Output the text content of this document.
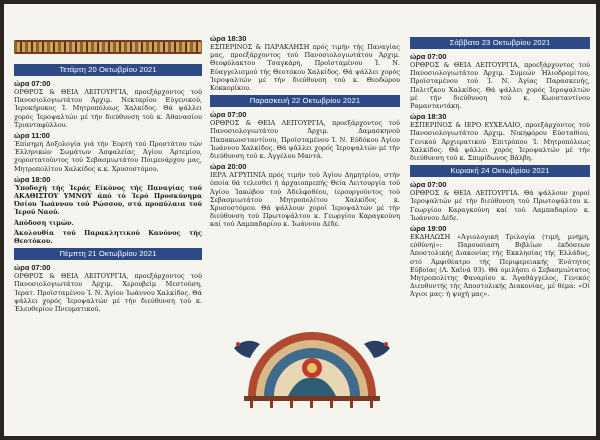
Τετάρτη 20 Οκτωβρίου 2021
ώρα 07:00
ΟΡΘΡΟΣ & ΘΕΙΑ ΛΕΙΤΟΥΡΓΙΑ, προεξάρχοντος τού Πανοσιολογιωτάτου Άρχιμ. Νεκταρίου Εύγενικού, Ίεροκήρυκος Ί. Μητροπόλεως Χαλκίδος. Θά ψάλλει χορός Ίεροψαλτών μέ τήν διεύθυνση τού κ. Άθανασίου Τριανταφύλλου.
ώρα 11:00
Έπίσημη Δοξολογία γιά τήν Έορτή τού Προστάτου τών Έλληνικών Σωμάτων Άσφαλείας Άγίου Άρτεμίου, χοροστατούντος τού Σεβασμιωτάτου Ποιμενάρχου μας, Μητροπολίτου Χαλκίδος κ.κ. Χρυσοστόμου.
ώρα 18:00
Ύποδοχή τής Ίεράς Είκόνος τής Παναγίας τού ΑΚΑΘΙΣΤΟΥ ΥΜΝΟΥ άπό τό Ίερό Προσκύνημα Όσίου Ίωάννου τού Ρώσσου, στά προπύλαια τού Ίερού Ναού.
Άπόδοση τιμών.
Άκολουθία τού Παρακλητικού Κανόνος τής Θεοτόκου.
Πέμπτη 21 Οκτωβρίου 2021
ώρα 07:00
ΟΡΘΡΟΣ & ΘΕΙΑ ΛΕΙΤΟΥΡΓΙΑ, προεξάρχοντος τού Πανοσιολογιωτάτου Άρχιμ. Χερουβείμ Μεστούση, Ίερατ. Προϊσταμένου Ί. Ν. Άγίου Ίωάννου Χαλκίδος. Θά ψάλλει χορός Ίεροψαλτών μέ τήν διεύθυνση τού κ. Έλευθερίου Πνευματικού.
ώρα 18:30
ΕΣΠΕΡΙΝΟΣ & ΠΑΡΑΚΛΗΣΗ πρός τιμήν τής Παναγίας μας, προεξάρχοντος τού Πανοσιολογιωτάτου Άρχιμ. Θεοφύλακτου Τσαγκάρη, Προϊσταμένου Ί. Ν. Εύαγγελισμού τής Θεοτόκου Χαλκίδος. Θά ψάλλει χορός Ίεροψαλτών μέ τήν διεύθυνση τού κ. Θεοδώρου Κοκκορίκου.
Παρασκευή 22 Οκτωβρίου 2021
ώρα 07:00
ΟΡΘΡΟΣ & ΘΕΙΑ ΛΕΙΤΟΥΡΓΙΑ, προεξάρχοντος τού Πανοσιολογιωτάτου Άρχιμ. Δαμασκηνού Παπακωνσταντίνου, Προϊσταμένου Ί. Ν. Εύδόκου Άγίου Ίωάννου Χαλκίδος. Θά ψάλλει χορός Ίεροψαλτών μέ τήν διεύθυνση τού κ. Άγγέλου Μαντά.
ώρα 20:00
ΙΕΡΑ ΑΓΡΥΠΝΙΑ πρός τιμήν τού Άγίου Δημητρίου, στήν όποία θά τελεσθεί ή άρχαιοπρεπής Θεία Λειτουργία τού Άγίου Ίακώβου τού Άδελφοθέου, ίερουργούντος τού Σεβασμιωτάτου Μητροπολίτου Χαλκίδος κ. Χρυσοστόμου. Θά ψάλλουν χοροί Ίεροψαλτών μέ τήν διεύθυνση τού Πρωτοψάλτου κ. Γεωργίου Καραγκούνη καί τού Λαμπαδαρίου κ. Ίωάννου Δέδε.
Σάββατο 23 Οκτωβρίου 2021
ώρα 07:00
ΟΡΘΡΟΣ & ΘΕΙΑ ΛΕΙΤΟΥΡΓΙΑ, προεξάρχοντος τού Πανοσιολογιωτάτου Άρχιμ. Συμεών Ήλιοδρομίτου, Προϊσταμένου τού Ί. Ν. Άγίας Παρασκευής, Πολιτζκου Χαλκίδος. Θά ψάλλει χορός Ίεροψαλτών μέ τήν διεύθυνση τού κ. Κωνσταντίνου Ραμανταντάκη.
ώρα 18:30
ΕΣΠΕΡΙΝΟΣ & ΙΕΡΟ ΕΥΧΕΛΑΙΟ, προεξάρχοντος τού Πανοσιολογιωτάτου Άρχιμ. Νικηφόρου Εύσταθίου, Γενικού Άρχιερατικού Έπιτρόπου Ί. Μητροπόλεως Χαλκίδος. Θά ψάλλει χορός Ίεροψαλτών μέ τήν διεύθυνση τού κ. Σπυρίδωνος Βάλβη.
Κυριακή 24 Οκτωβρίου 2021
ώρα 07:00
ΟΡΘΡΟΣ & ΘΕΙΑ ΛΕΙΤΟΥΡΓΙΑ. Θά ψάλλουν χοροί Ίεροψαλτών μέ τήν διεύθυνση τού Πρωτοψάλτου κ. Γεωργίου Καραγκούνη καί τού Λαμπαδαρίου κ. Ίωάννου Δέδε.
ώρα 19:00
ΕΚΔΗΛΩΣΗ «Άγιολογική Τριλογία (τιμή, μνήμη, εύθύνη)»: Παρουσίαση Βιβλίων έκδόσεων Άποστολικής Διακονίας τής Έκκλησίας τής Έλλάδος, στό Άμφιθέατρο τής Περιφερειακής Ένότητος Εύβοίας (Λ. Χαϊνά 93). Θά όμιλήσει ό Σεβασμιώτατος Μητροπολίτης Φαναρίου κ. Άγαθάγγελος, Γενικός Διευθυντής τής Άποστολικής Διακονίας, μέ θέμα: «Οί Άγιοι μας: ή ψυχή μας».
